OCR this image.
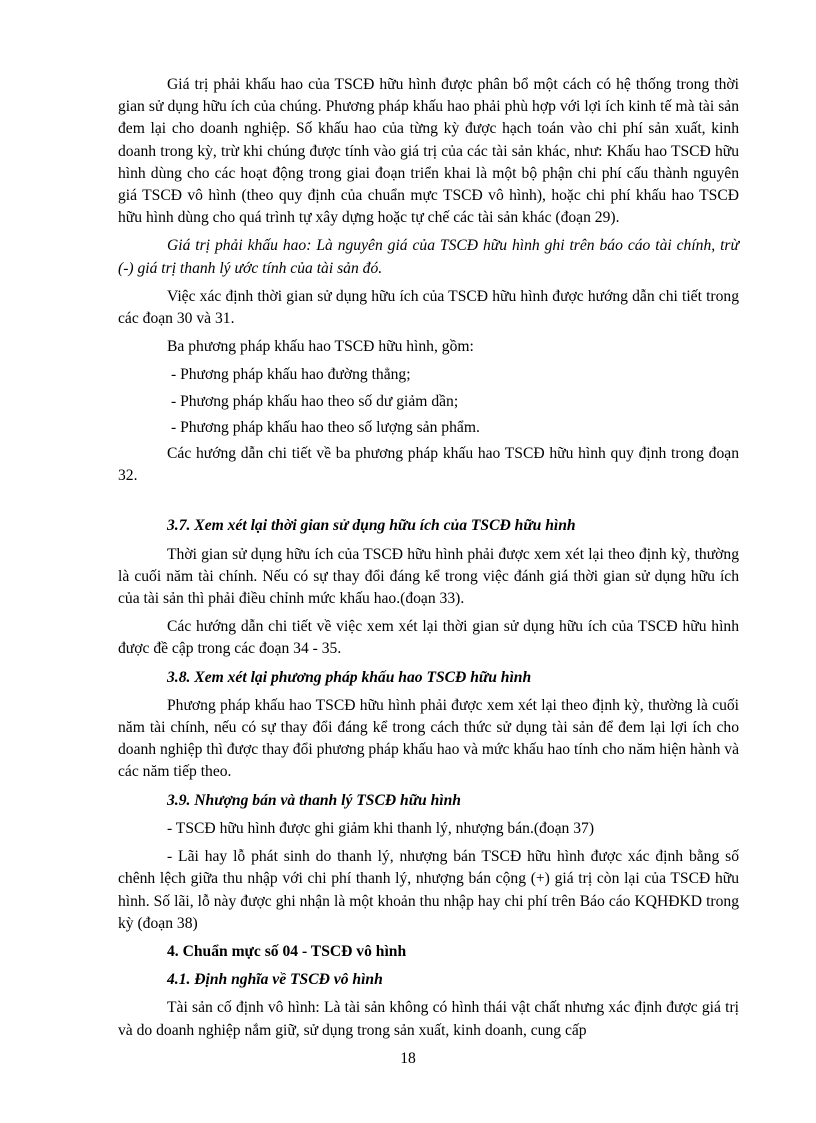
Giá trị phải khấu hao của TSCĐ hữu hình được phân bổ một cách có hệ thống trong thời gian sử dụng hữu ích của chúng. Phương pháp khấu hao phải phù hợp với lợi ích kinh tế mà tài sản đem lại cho doanh nghiệp. Số khấu hao của từng kỳ được hạch toán vào chi phí sản xuất, kinh doanh trong kỳ, trừ khi chúng được tính vào giá trị của các tài sản khác, như: Khấu hao TSCĐ hữu hình dùng cho các hoạt động trong giai đoạn triển khai là một bộ phận chi phí cấu thành nguyên giá TSCĐ vô hình (theo quy định của chuẩn mực TSCĐ vô hình), hoặc chi phí khấu hao TSCĐ hữu hình dùng cho quá trình tự xây dựng hoặc tự chế các tài sản khác (đoạn 29).

Giá trị phải khấu hao: Là nguyên giá của TSCĐ hữu hình ghi trên báo cáo tài chính, trừ (-) giá trị thanh lý ước tính của tài sản đó.

Việc xác định thời gian sử dụng hữu ích của TSCĐ hữu hình được hướng dẫn chi tiết trong các đoạn 30 và 31.

Ba phương pháp khấu hao TSCĐ hữu hình, gồm:

- Phương pháp khấu hao đường thẳng;

- Phương pháp khấu hao theo số dư giảm dần;

- Phương pháp khấu hao theo số lượng sản phẩm.

Các hướng dẫn chi tiết về ba phương pháp khấu hao TSCĐ hữu hình quy định trong đoạn 32.

3.7. Xem xét lại thời gian sử dụng hữu ích của TSCĐ hữu hình

Thời gian sử dụng hữu ích của TSCĐ hữu hình phải được xem xét lại theo định kỳ, thường là cuối năm tài chính. Nếu có sự thay đổi đáng kể trong việc đánh giá thời gian sử dụng hữu ích của tài sản thì phải điều chỉnh mức khấu hao.(đoạn 33).

Các hướng dẫn chi tiết về việc xem xét lại thời gian sử dụng hữu ích của TSCĐ hữu hình được đề cập trong các đoạn 34 - 35.

3.8. Xem xét lại phương pháp khấu hao TSCĐ hữu hình

Phương pháp khấu hao TSCĐ hữu hình phải được xem xét lại theo định kỳ, thường là cuối năm tài chính, nếu có sự thay đổi đáng kể trong cách thức sử dụng tài sản để đem lại lợi ích cho doanh nghiệp thì được thay đổi phương pháp khấu hao và mức khấu hao tính cho năm hiện hành và các năm tiếp theo.

3.9. Nhượng bán và thanh lý TSCĐ hữu hình

- TSCĐ hữu hình được ghi giảm khi thanh lý, nhượng bán.(đoạn 37)

- Lãi hay lỗ phát sinh do thanh lý, nhượng bán TSCĐ hữu hình được xác định bằng số chênh lệch giữa thu nhập với chi phí thanh lý, nhượng bán cộng (+) giá trị còn lại của TSCĐ hữu hình. Số lãi, lỗ này được ghi nhận là một khoản thu nhập hay chi phí trên Báo cáo KQHĐKD trong kỳ (đoạn 38)

4. Chuẩn mực số 04 - TSCĐ vô hình
4.1. Định nghĩa về TSCĐ vô hình

Tài sản cố định vô hình: Là tài sản không có hình thái vật chất nhưng xác định được giá trị và do doanh nghiệp nắm giữ, sử dụng trong sản xuất, kinh doanh, cung cấp

18
